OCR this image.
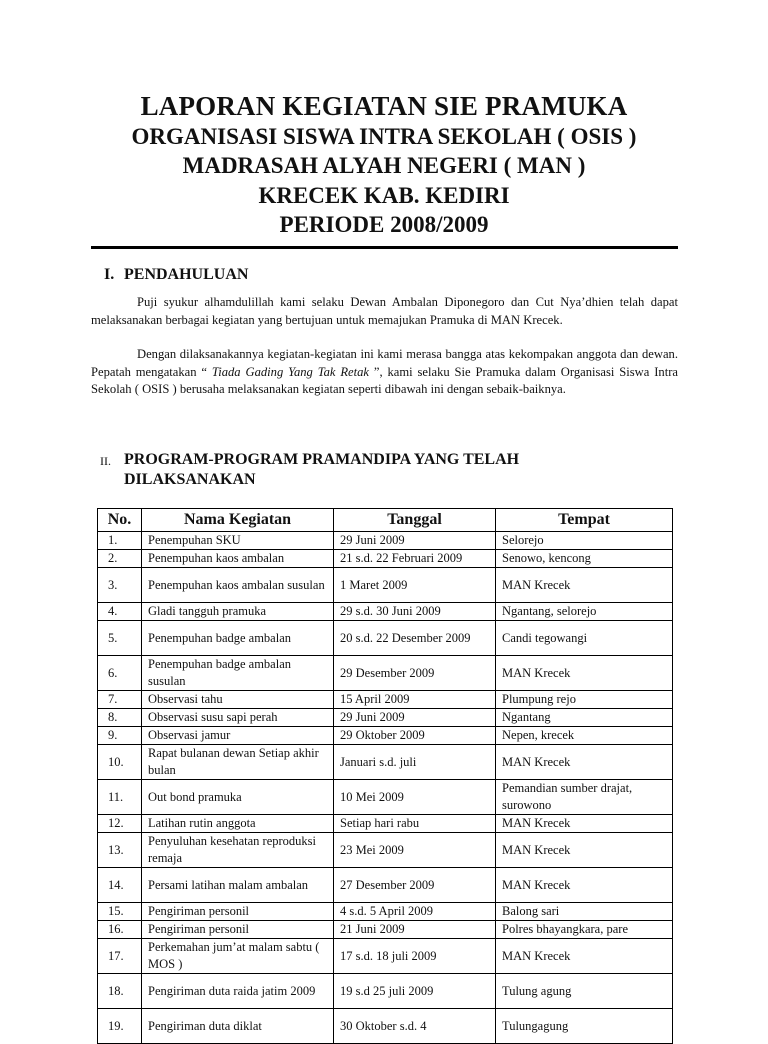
LAPORAN KEGIATAN SIE PRAMUKA
ORGANISASI SISWA INTRA SEKOLAH ( OSIS )
MADRASAH ALYAH NEGERI ( MAN )
KRECEK KAB. KEDIRI
PERIODE 2008/2009
I. PENDAHULUAN
Puji syukur alhamdulillah kami selaku Dewan Ambalan Diponegoro dan Cut Nya’dhien telah dapat melaksanakan berbagai kegiatan yang bertujuan untuk memajukan Pramuka di MAN Krecek.
Dengan dilaksanakannya kegiatan-kegiatan ini kami merasa bangga atas kekompakan anggota dan dewan. Pepatah mengatakan “ Tiada Gading Yang Tak Retak ”, kami selaku Sie Pramuka dalam Organisasi Siswa Intra Sekolah ( OSIS ) berusaha melaksanakan kegiatan seperti dibawah ini dengan sebaik-baiknya.
II. PROGRAM-PROGRAM PRAMANDIPA YANG TELAH DILAKSANAKAN
No.	Nama Kegiatan	Tanggal	Tempat
1.	Penempuhan SKU	29 Juni 2009	Selorejo
2.	Penempuhan kaos ambalan	21 s.d. 22 Februari 2009	Senowo, kencong
3.	Penempuhan kaos ambalan susulan	1 Maret 2009	MAN Krecek
4.	Gladi tangguh pramuka	29 s.d. 30 Juni 2009	Ngantang, selorejo
5.	Penempuhan badge ambalan	20 s.d. 22 Desember 2009	Candi tegowangi
6.	Penempuhan badge ambalan susulan	29 Desember 2009	MAN Krecek
7.	Observasi tahu	15 April 2009	Plumpung rejo
8.	Observasi susu sapi perah	29 Juni 2009	Ngantang
9.	Observasi jamur	29 Oktober 2009	Nepen, krecek
10.	Rapat bulanan dewan Setiap akhir bulan	Januari s.d. juli	MAN Krecek
11.	Out bond pramuka	10 Mei 2009	Pemandian sumber drajat, surowono
12.	Latihan rutin anggota	Setiap hari rabu	MAN Krecek
13.	Penyuluhan kesehatan reproduksi remaja	23 Mei 2009	MAN Krecek
14.	Persami latihan malam ambalan	27 Desember 2009	MAN Krecek
15.	Pengiriman personil	4 s.d. 5 April 2009	Balong sari
16.	Pengiriman personil	21 Juni 2009	Polres bhayangkara, pare
17.	Perkemahan jum’at malam sabtu ( MOS )	17 s.d. 18 juli 2009	MAN Krecek
18.	Pengiriman duta raida jatim 2009	19 s.d 25 juli 2009	Tulung agung
19.	Pengiriman duta diklat	30 Oktober s.d. 4	Tulungagung
